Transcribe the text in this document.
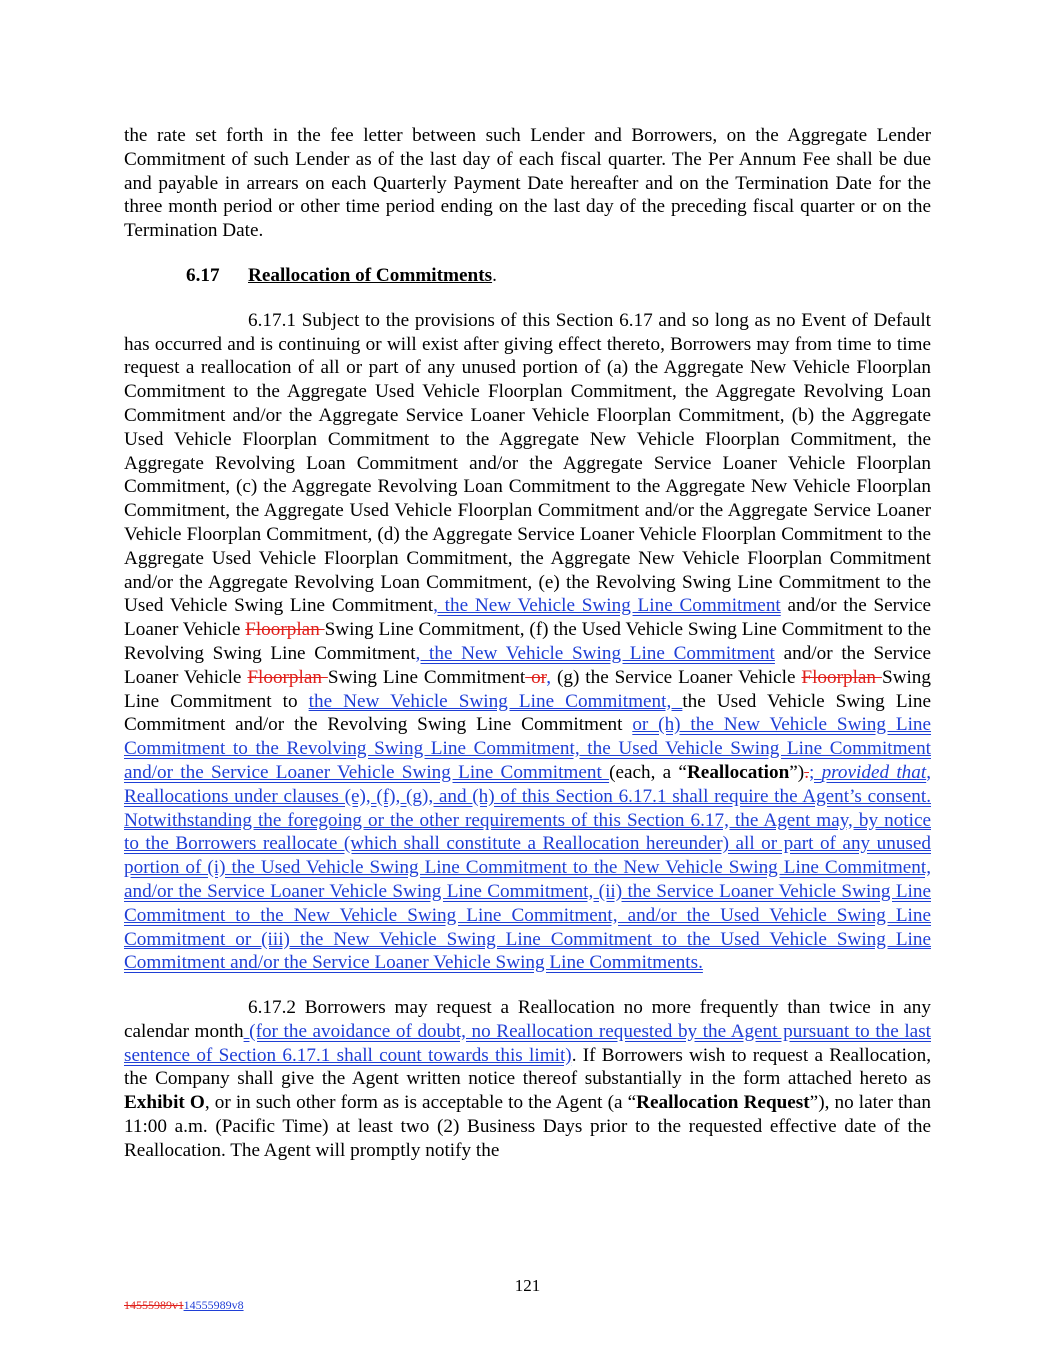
the rate set forth in the fee letter between such Lender and Borrowers, on the Aggregate Lender Commitment of such Lender as of the last day of each fiscal quarter. The Per Annum Fee shall be due and payable in arrears on each Quarterly Payment Date hereafter and on the Termination Date for the three month period or other time period ending on the last day of the preceding fiscal quarter or on the Termination Date.

6.17 Reallocation of Commitments.

6.17.1 Subject to the provisions of this Section 6.17 and so long as no Event of Default has occurred and is continuing or will exist after giving effect thereto, Borrowers may from time to time request a reallocation of all or part of any unused portion of (a) the Aggregate New Vehicle Floorplan Commitment to the Aggregate Used Vehicle Floorplan Commitment, the Aggregate Revolving Loan Commitment and/or the Aggregate Service Loaner Vehicle Floorplan Commitment, (b) the Aggregate Used Vehicle Floorplan Commitment to the Aggregate New Vehicle Floorplan Commitment, the Aggregate Revolving Loan Commitment and/or the Aggregate Service Loaner Vehicle Floorplan Commitment, (c) the Aggregate Revolving Loan Commitment to the Aggregate New Vehicle Floorplan Commitment, the Aggregate Used Vehicle Floorplan Commitment and/or the Aggregate Service Loaner Vehicle Floorplan Commitment, (d) the Aggregate Service Loaner Vehicle Floorplan Commitment to the Aggregate Used Vehicle Floorplan Commitment, the Aggregate New Vehicle Floorplan Commitment and/or the Aggregate Revolving Loan Commitment, (e) the Revolving Swing Line Commitment to the Used Vehicle Swing Line Commitment, the New Vehicle Swing Line Commitment and/or the Service Loaner Vehicle Floorplan Swing Line Commitment, (f) the Used Vehicle Swing Line Commitment to the Revolving Swing Line Commitment, the New Vehicle Swing Line Commitment and/or the Service Loaner Vehicle Floorplan Swing Line Commitment or, (g) the Service Loaner Vehicle Floorplan Swing Line Commitment to the New Vehicle Swing Line Commitment, the Used Vehicle Swing Line Commitment and/or the Revolving Swing Line Commitment or (h) the New Vehicle Swing Line Commitment to the Revolving Swing Line Commitment, the Used Vehicle Swing Line Commitment and/or the Service Loaner Vehicle Swing Line Commitment (each, a “Reallocation”).; provided that, Reallocations under clauses (e), (f), (g), and (h) of this Section 6.17.1 shall require the Agent’s consent. Notwithstanding the foregoing or the other requirements of this Section 6.17, the Agent may, by notice to the Borrowers reallocate (which shall constitute a Reallocation hereunder) all or part of any unused portion of (i) the Used Vehicle Swing Line Commitment to the New Vehicle Swing Line Commitment, and/or the Service Loaner Vehicle Swing Line Commitment, (ii) the Service Loaner Vehicle Swing Line Commitment to the New Vehicle Swing Line Commitment, and/or the Used Vehicle Swing Line Commitment or (iii) the New Vehicle Swing Line Commitment to the Used Vehicle Swing Line Commitment and/or the Service Loaner Vehicle Swing Line Commitments.

6.17.2 Borrowers may request a Reallocation no more frequently than twice in any calendar month (for the avoidance of doubt, no Reallocation requested by the Agent pursuant to the last sentence of Section 6.17.1 shall count towards this limit). If Borrowers wish to request a Reallocation, the Company shall give the Agent written notice thereof substantially in the form attached hereto as Exhibit O, or in such other form as is acceptable to the Agent (a “Reallocation Request”), no later than 11:00 a.m. (Pacific Time) at least two (2) Business Days prior to the requested effective date of the Reallocation. The Agent will promptly notify the

121
14555989v114555989v8
